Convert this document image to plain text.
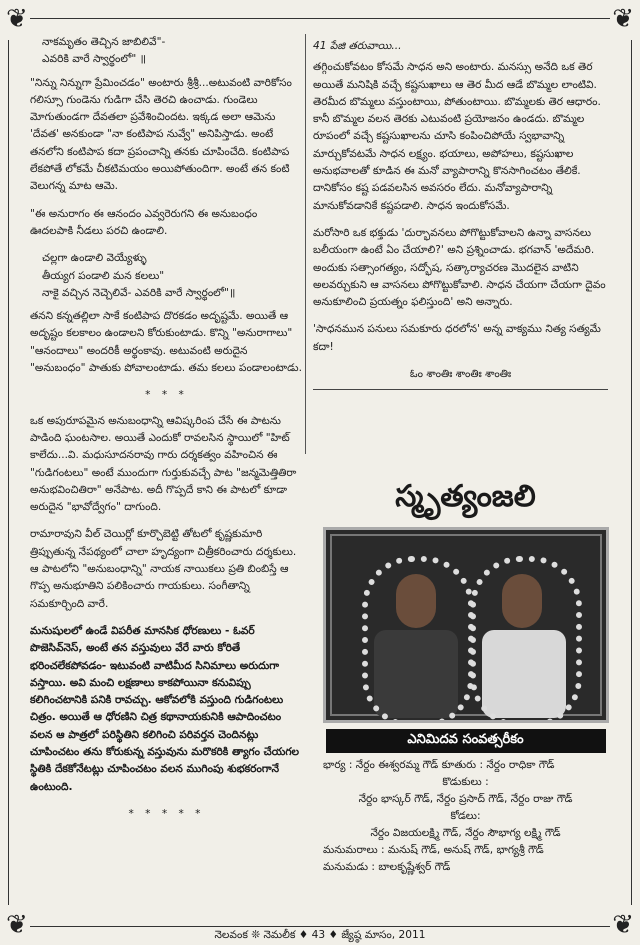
❦	❦
❦	❦
నాకమృతం తెచ్చిన జాబిలివే"-
ఎవరికి వారే స్వార్థంలో" ॥

"నిన్ను నిన్నుగా ప్రేమించడం" అంటారు శ్రీశ్రీ...అటువంటి వారికోసం గలిస్సూ గుండెను గుడిగా చేసి తెరచి ఉంచాడు. గుండెలు మోగుతుండగా దేవతలా ప్రవేశించిందట. ఇక్కడ అలా ఆమెను 'దేవత' అనకుండా "నా కంటిపాప నువ్వే" అనిపిస్తాడు. అంటే తనలోని కంటిపాప కదా ప్రపంచాన్ని తనకు చూపించేది. కంటిపాప లేకపోతే లోకమే చీకటిమయం అయిపోతుందిగా. అంటే తన కంటి వెలుగన్న మాట ఆమె.

"ఈ అనురాగం ఈ ఆనందం ఎవ్వరెరుగని ఈ అనుబంధం ఊదలపాకి నీడలు పరచి ఉండాలి.

చల్లగా ఉండాలి వెయ్యేళ్ళు
తీయ్యగ పండాలి మన కలలు"
నాకై వచ్చిన నెచ్చెలివే- ఎవరికి వారే స్వార్థంలో"॥

తనని కన్నతల్లిలా సాకే కంటిపాప దొరకడం అదృష్టమే. అయితే ఆ అదృష్టం కలకాలం ఉండాలని కోరుకుంటాడు. కొన్ని "అనురాగాలు" "ఆనందాలు" అందరికీ అర్థంకావు. అటువంటి అరుదైన "అనుబంధం" పాతుకు పోవాలంటాడు. తమ కలలు పండాలంటాడు.

* * *

ఒక అపురూపమైన అనుబంధాన్ని ఆవిష్కరింప చేసే ఈ పాటను పాడింది ఘంటసాల. అయితే ఎందుకో రావలసిన స్థాయిలో "హిట్ కాలేదు...వి. మధుసూదనరావు గారు దర్శకత్వం వహించిన ఈ "గుడిగంటలు" అంటే ముందుగా గుర్తుకువచ్చే పాట "జన్మమెత్తితిరా అనుభవించితిరా" అనేపాట. అదీ గొప్పదే కాని ఈ పాటలో కూడా అరుదైన "భావోద్వేగం" దాగుంది.

రామారావుని వీల్ చెయిర్లో కూర్చొబెట్టి తోటలో కృష్ణకుమారి త్రిప్పుతున్న నేపథ్యంలో చాలా హృద్యంగా చిత్రీకరించారు దర్శకులు. ఆ పాటలోని "అనుబంధాన్ని" నాయక నాయికలు ప్రతి బింబిస్తే ఆ గొప్ప అనుభూతిని పలికించారు గాయకులు. సంగీతాన్ని సమకూర్చింది వారే.

మనుషులలో ఉండే విపరీత మానసిక ధోరణులు - ఓవర్ పొజెసివ్‌నెస్, అంటే తన వస్తువులు వేరే వారు కోరితే భరించలేకపోవడం- ఇటువంటి వాటిమీద సినిమాలు అరుదుగా వస్తాయి. అవి మంచి లక్షణాలు కాకపోయినా కనువిప్పు కలిగించటానికి పనికి రావచ్చు. ఆకోవలోకి వస్తుంది గుడిగంటలు చిత్రం. అయితే ఆ ధోరణిని చిత్ర కథానాయకునికి ఆపాదించటం వలన ఆ పాత్రలో పరిస్థితిని కలిగించి పరివర్తన చెందినట్లు చూపించటం తను కోరుకున్న వస్తువును మరొకరికి త్యాగం చేయగల స్థితికి దేకకోనేటట్లు చూపించటం వలన ముగింపు శుభకరంగానే ఉంటుంది.

* * * * *
41 పేజి తరువాయి...

తగ్గించుకోవటం కోసమే సాధన అని అంటారు. మనస్సు అనేది ఒక తెర అయితే మనిషికి వచ్చే కష్టసుఖాలు ఆ తెర మీద ఆడే బొమ్మల లాంటివి. తెరమీద బొమ్మలు వస్తుంటాయి, పోతుంటాయి. బొమ్మలకు తెర ఆధారం. కానీ బొమ్మల వలన తెరకు ఎటువంటి ప్రయోజనం ఉండదు. బొమ్మల రూపంలో వచ్చే కష్టసుఖాలను చూసి కంపించిపోయే స్వభావాన్ని మార్చుకోవటమే సాధన లక్ష్యం. భయాలు, అపోహలు, కష్టసుఖాల అనుభవాలతో కూడిన ఈ మనో వ్యాపారాన్ని కొనసాగించటం తేలికే. దానికోసం కష్ట పడవలసిన అవసరం లేదు. మనోవ్యాపారాన్ని మానుకోవడానికే కష్టపడాలి. సాధన ఇందుకోసమే.

మరోసారి ఒక భక్తుడు 'దుర్భావనలు పోగొట్టుకోవాలని ఉన్నా వాసనలు బలీయంగా ఉంటే ఏం చేయాలి?' అని ప్రశ్నించాడు. భగవాన్ 'అదేమరి. అందుకు సత్సాంగత్యం, సద్భోష, సత్కార్యాచరణ మొదలైన వాటిని అలవర్చుకుని ఆ వాసనలు పోగొట్టుకోవాలి. సాధన చేయగా చేయగా దైవం అనుకూలించి ప్రయత్నం ఫలిస్తుంది' అని అన్నారు.

'సాధనమున పనులు సమకూరు ధరలోన' అన్న వాక్యము నిత్య సత్యమే కదా!

ఓం శాంతిః శాంతిః శాంతిః
స్మృత్యంజలి
ఎనిమిదవ సంవత్సరీకం
భార్య : నేర్దం ఈశ్వరమ్మ గౌడ్ కూతురు : నేర్దం రాధికా గౌడ్
కొడుకులు :
నేర్దం భాస్కర్ గౌడ్, నేర్దం ప్రసాద్ గౌడ్, నేర్దం రాజు గౌడ్
కోడలు:
నేర్దం విజయలక్ష్మి గౌడ్, నేర్దం సౌభాగ్య లక్ష్మి గౌడ్
మనుమరాలు : మనుష్ గౌడ్, అనుష్ గౌడ్, భాగ్యశ్రీ గౌడ్
మనుమడు : బాలకృష్ణేశ్వర్ గౌడ్
నెలవంక ❊ నెమలీక ♦ 43 ♦ జ్యేష్ఠ మాసం, 2011
